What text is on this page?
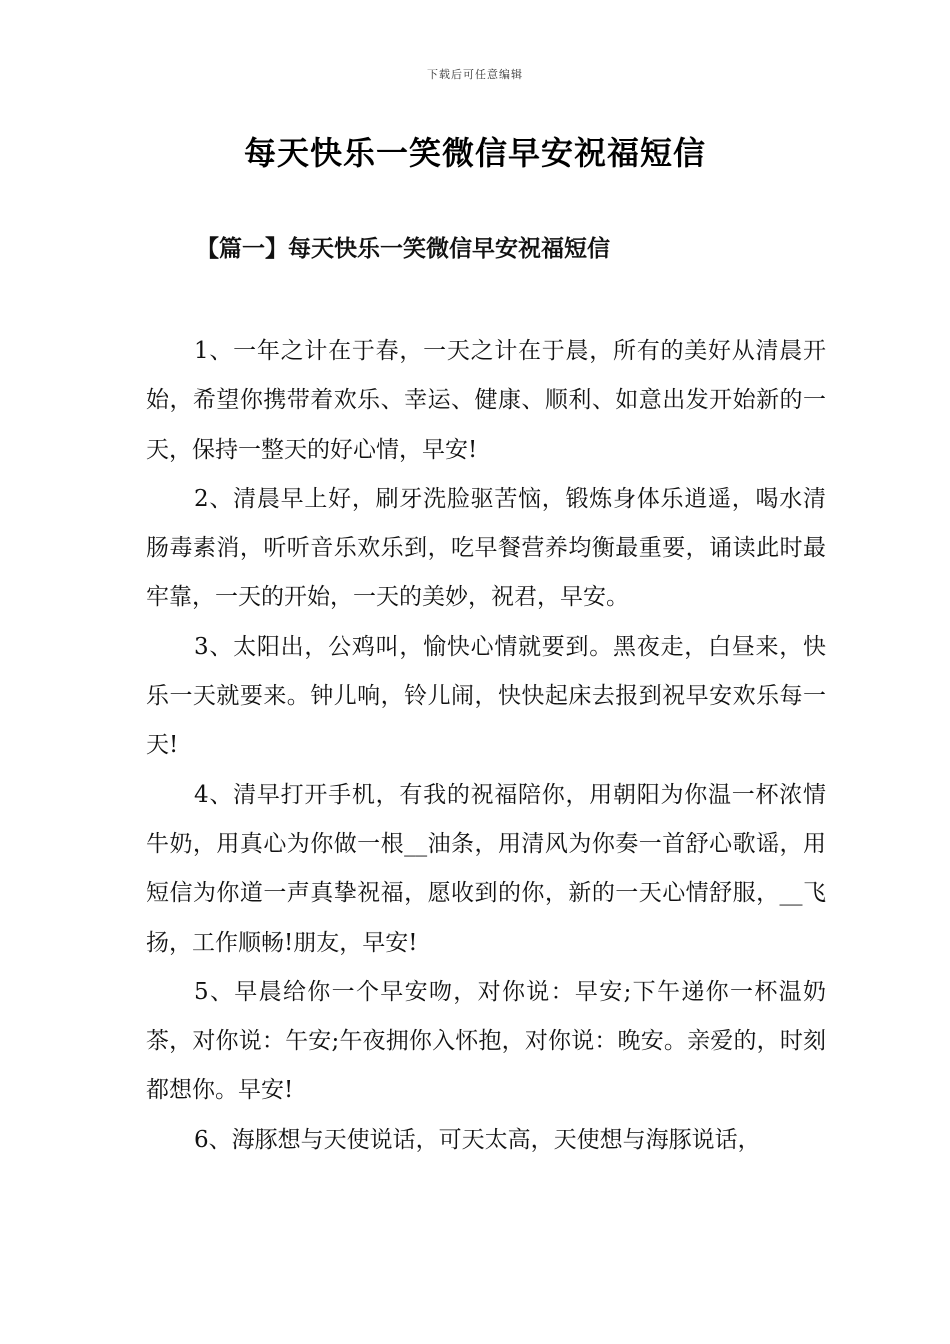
下载后可任意编辑
每天快乐一笑微信早安祝福短信
【篇一】每天快乐一笑微信早安祝福短信

1、一年之计在于春，一天之计在于晨，所有的美好从清晨开始，希望你携带着欢乐、幸运、健康、顺利、如意出发开始新的一天，保持一整天的好心情，早安!

2、清晨早上好，刷牙洗脸驱苦恼，锻炼身体乐逍遥，喝水清肠毒素消，听听音乐欢乐到，吃早餐营养均衡最重要，诵读此时最牢靠，一天的开始，一天的美妙，祝君，早安。

3、太阳出，公鸡叫，愉快心情就要到。黑夜走，白昼来，快乐一天就要来。钟儿响，铃儿闹，快快起床去报到祝早安欢乐每一天!

4、清早打开手机，有我的祝福陪你，用朝阳为你温一杯浓情牛奶，用真心为你做一根__油条，用清风为你奏一首舒心歌谣，用短信为你道一声真挚祝福，愿收到的你，新的一天心情舒服，__飞扬，工作顺畅!朋友，早安!

5、早晨给你一个早安吻，对你说：早安;下午递你一杯温奶茶，对你说：午安;午夜拥你入怀抱，对你说：晚安。亲爱的，时刻都想你。早安!

6、海豚想与天使说话，可天太高，天使想与海豚说话，
